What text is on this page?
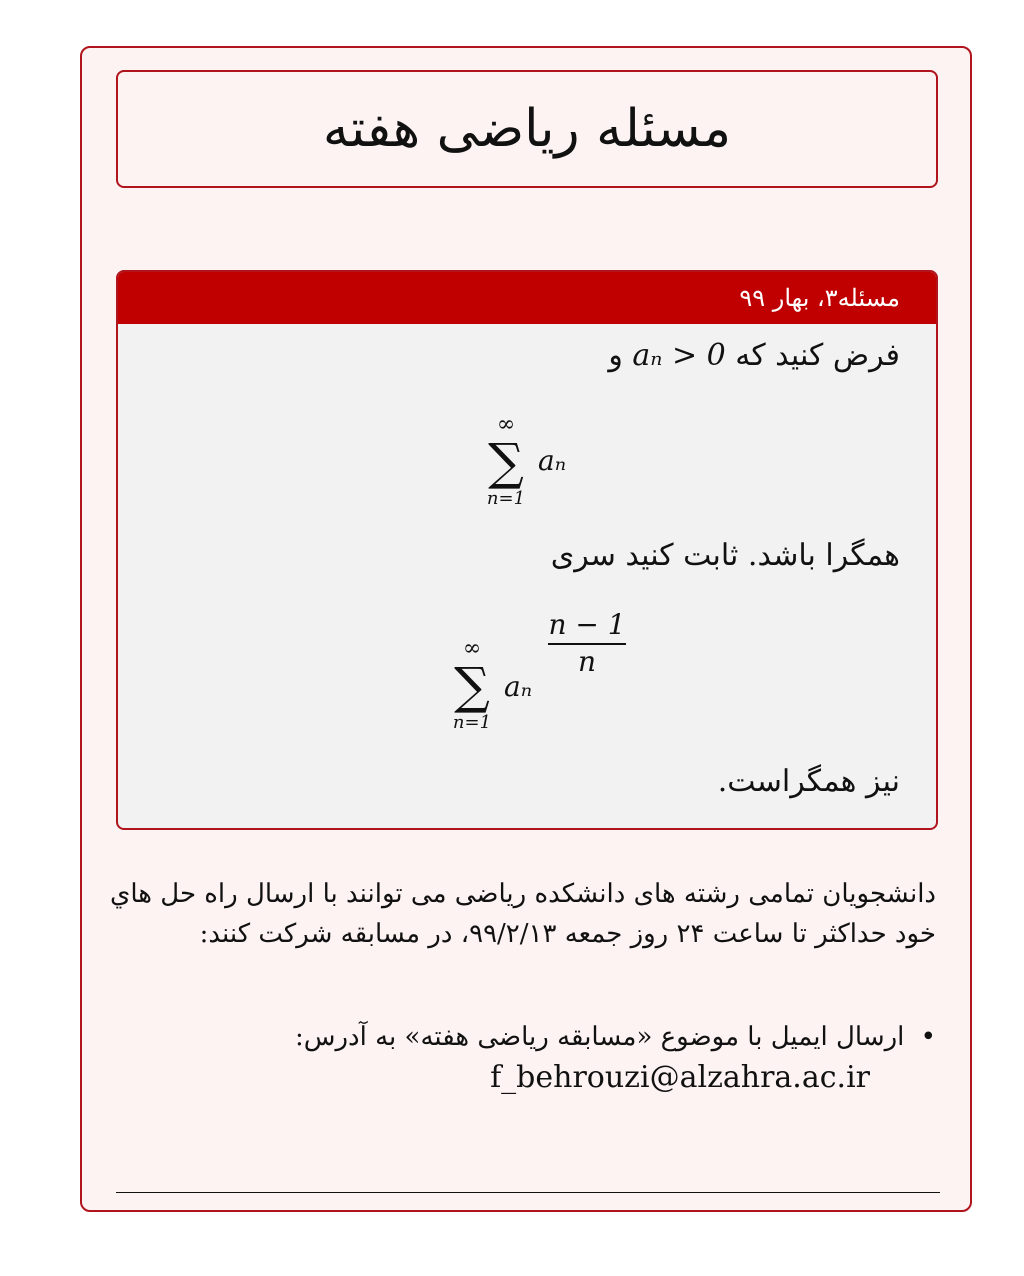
مسئله ریاضی هفته
مسئله۳، بهار ۹۹
فرض کنید که aₙ > 0 و
∞
∑
n=1
aₙ
همگرا باشد. ثابت کنید سری
∞
∑
n=1
aₙ
$\frac{n - 1}{n}$
نیز همگراست.
دانشجویان تمامی رشته های دانشکده ریاضی می توانند با ارسال راه حل هاي خود حداکثر تا ساعت ۲۴ روز جمعه ۹۹/۲/۱۳، در مسابقه شرکت کنند:
• ارسال ایمیل با موضوع «مسابقه ریاضی هفته» به آدرس:
f_behrouzi@alzahra.ac.ir
